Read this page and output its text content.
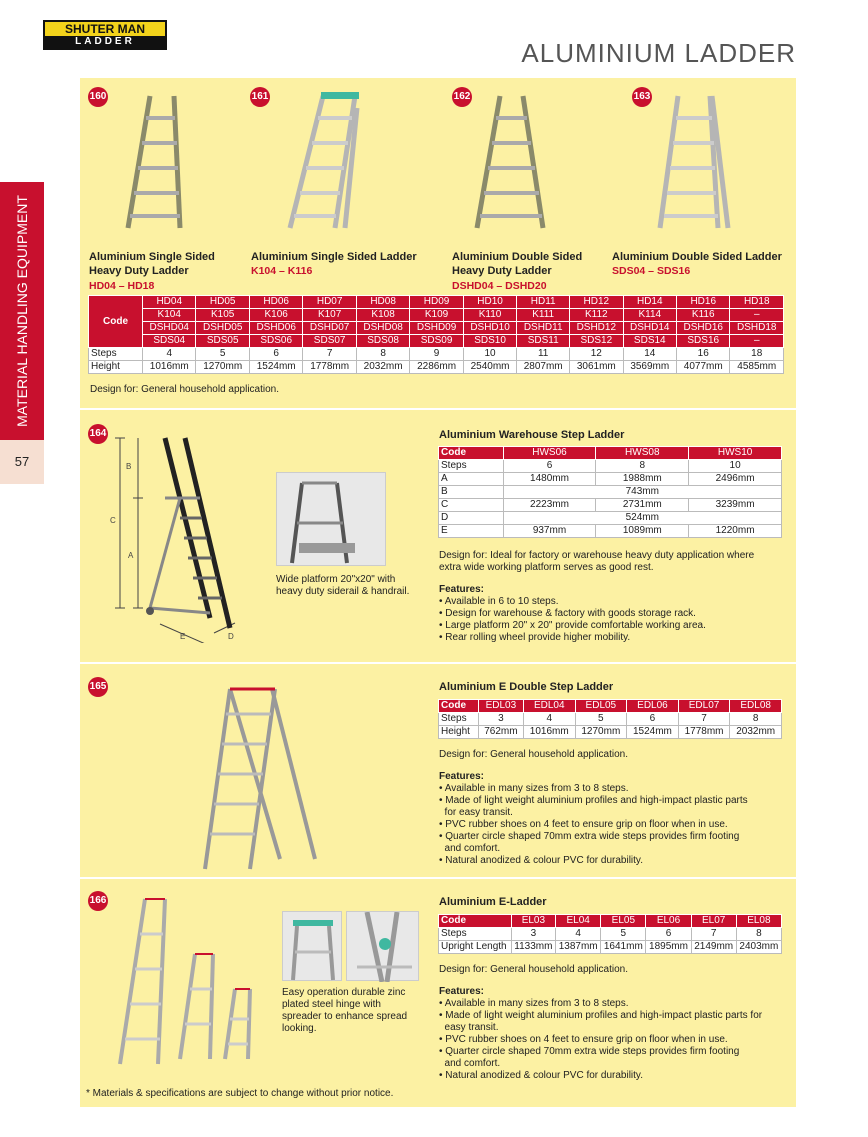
SHUTER MAN
LADDER	ALUMINIUM LADDER
MATERIAL HANDLING EQUIPMENT
57
160	161	162	163
Aluminium Single Sided Heavy Duty Ladder
HD04 – HD18
Aluminium Single Sided Ladder
K104 – K116
Aluminium Double Sided Heavy Duty Ladder
DSHD04 – DSHD20
Aluminium Double Sided Ladder
SDS04 – SDS16
Code	HD04	HD05	HD06	HD07	HD08	HD09	HD10	HD11	HD12	HD14	HD16	HD18
	K104	K105	K106	K107	K108	K109	K110	K111	K112	K114	K116	–
	DSHD04	DSHD05	DSHD06	DSHD07	DSHD08	DSHD09	DSHD10	DSHD11	DSHD12	DSHD14	DSHD16	DSHD18
	SDS04	SDS05	SDS06	SDS07	SDS08	SDS09	SDS10	SDS11	SDS12	SDS14	SDS16	–
Steps	4	5	6	7	8	9	10	11	12	14	16	18
Height	1016mm	1270mm	1524mm	1778mm	2032mm	2286mm	2540mm	2807mm	3061mm	3569mm	4077mm	4585mm
Design for: General household application.
164
B
C
A
E	D
Wide platform 20"x20" with heavy duty siderail & handrail.
Aluminium Warehouse Step Ladder
Code	HWS06	HWS08	HWS10
Steps	6	8	10
A	1480mm	1988mm	2496mm
B	743mm		
C	2223mm	2731mm	3239mm
D	524mm		
E	937mm	1089mm	1220mm
Design for: Ideal for factory or warehouse heavy duty application where extra wide working platform serves as good rest.
Features:
• Available in 6 to 10 steps.
• Design for warehouse & factory with goods storage rack.
• Large platform 20" x 20" provide comfortable working area.
• Rear rolling wheel provide higher mobility.
165	Aluminium E Double Step Ladder
Code	EDL03	EDL04	EDL05	EDL06	EDL07	EDL08
Steps	3	4	5	6	7	8
Height	762mm	1016mm	1270mm	1524mm	1778mm	2032mm
Design for: General household application.
Features:
• Available in many sizes from 3 to 8 steps.
• Made of light weight aluminium profiles and high-impact plastic parts
for easy transit.
• PVC rubber shoes on 4 feet to ensure grip on floor when in use.
• Quarter circle shaped 70mm extra wide steps provides firm footing
and comfort.
• Natural anodized & colour PVC for durability.
166
Easy operation durable zinc plated steel hinge with spreader to enhance spread looking.
Aluminium E-Ladder
Code	EL03	EL04	EL05	EL06	EL07	EL08
Steps	3	4	5	6	7	8
Upright Length	1133mm	1387mm	1641mm	1895mm	2149mm	2403mm
Design for: General household application.
Features:
• Available in many sizes from 3 to 8 steps.
• Made of light weight aluminium profiles and high-impact plastic parts for
easy transit.
• PVC rubber shoes on 4 feet to ensure grip on floor when in use.
• Quarter circle shaped 70mm extra wide steps provides firm footing
and comfort.
• Natural anodized & colour PVC for durability.
* Materials & specifications are subject to change without prior notice.
